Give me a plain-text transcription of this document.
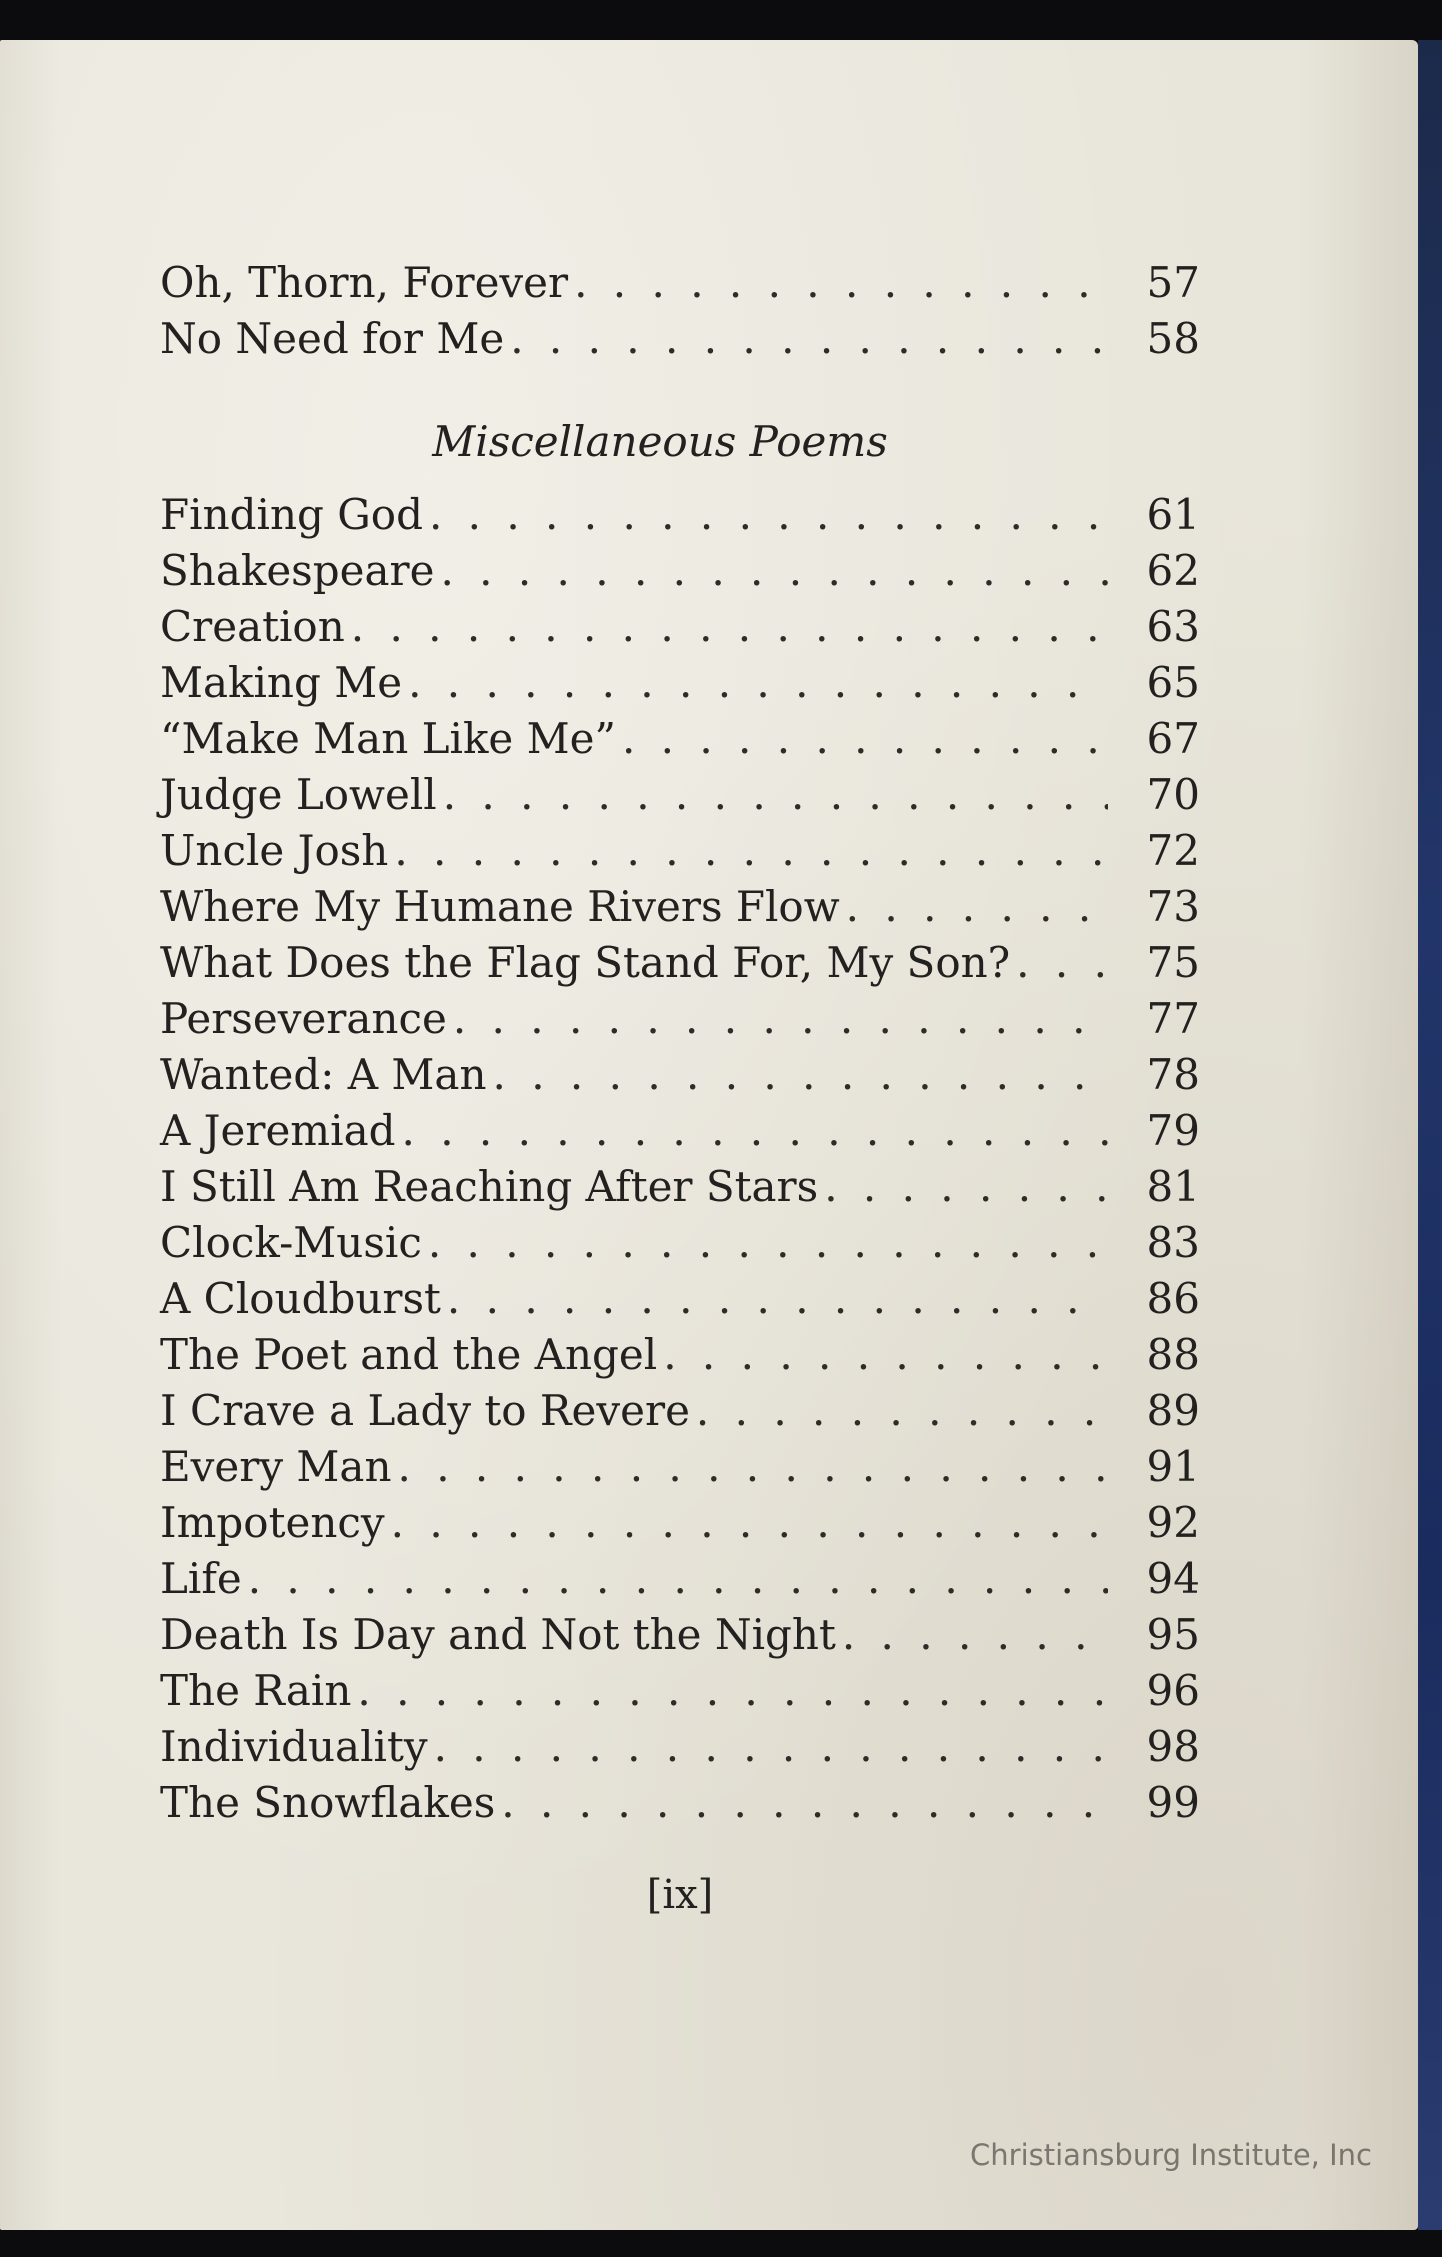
Oh, Thorn, Forever . . .	57
No Need for Me . . .	58
Miscellaneous Poems
Finding God . . .	61
Shakespeare . . .	62
Creation . . .	63
Making Me . . .	65
“Make Man Like Me” . . .	67
Judge Lowell . . .	70
Uncle Josh . . .	72
Where My Humane Rivers Flow . . .	73
What Does the Flag Stand For, My Son? . . .	75
Perseverance . . .	77
Wanted: A Man . . .	78
A Jeremiad . . .	79
I Still Am Reaching After Stars . . .	81
Clock-Music . . .	83
A Cloudburst . . .	86
The Poet and the Angel . . .	88
I Crave a Lady to Revere . . .	89
Every Man . . .	91
Impotency . . .	92
Life . . .	94
Death Is Day and Not the Night . . .	95
The Rain . . .	96
Individuality . . .	98
The Snowflakes . . .	99
[ix]
Christiansburg Institute, Inc
